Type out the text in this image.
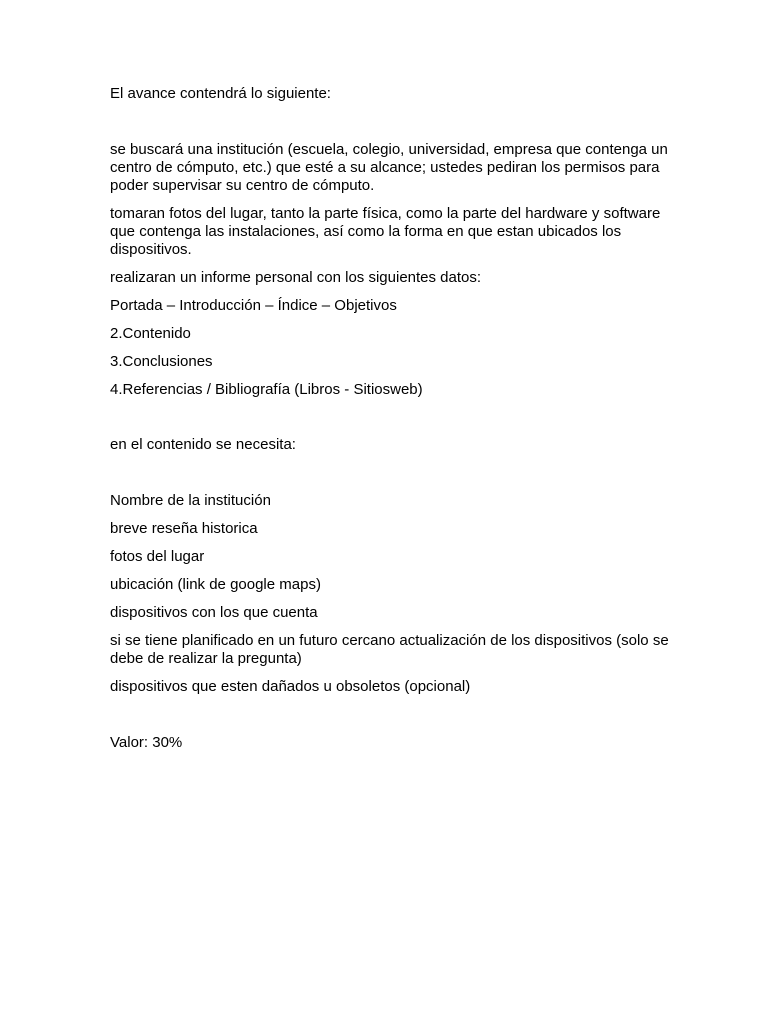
El avance contendrá lo siguiente:
se buscará una institución (escuela, colegio, universidad, empresa que contenga un centro de cómputo, etc.) que esté a su alcance; ustedes pediran los permisos para poder supervisar su centro de cómputo.
tomaran fotos del lugar, tanto la parte física, como la parte del hardware y software que contenga las instalaciones, así como la forma en que estan ubicados los dispositivos.
realizaran un informe personal con los siguientes datos:
Portada – Introducción – Índice – Objetivos
2.Contenido
3.Conclusiones
4.Referencias / Bibliografía (Libros - Sitiosweb)
en el contenido se necesita:
Nombre de la institución
breve reseña historica
fotos del lugar
ubicación (link de google maps)
dispositivos con los que cuenta
si se tiene planificado en un futuro cercano actualización de los dispositivos (solo se debe de realizar la pregunta)
dispositivos que esten dañados u obsoletos (opcional)
Valor: 30%
